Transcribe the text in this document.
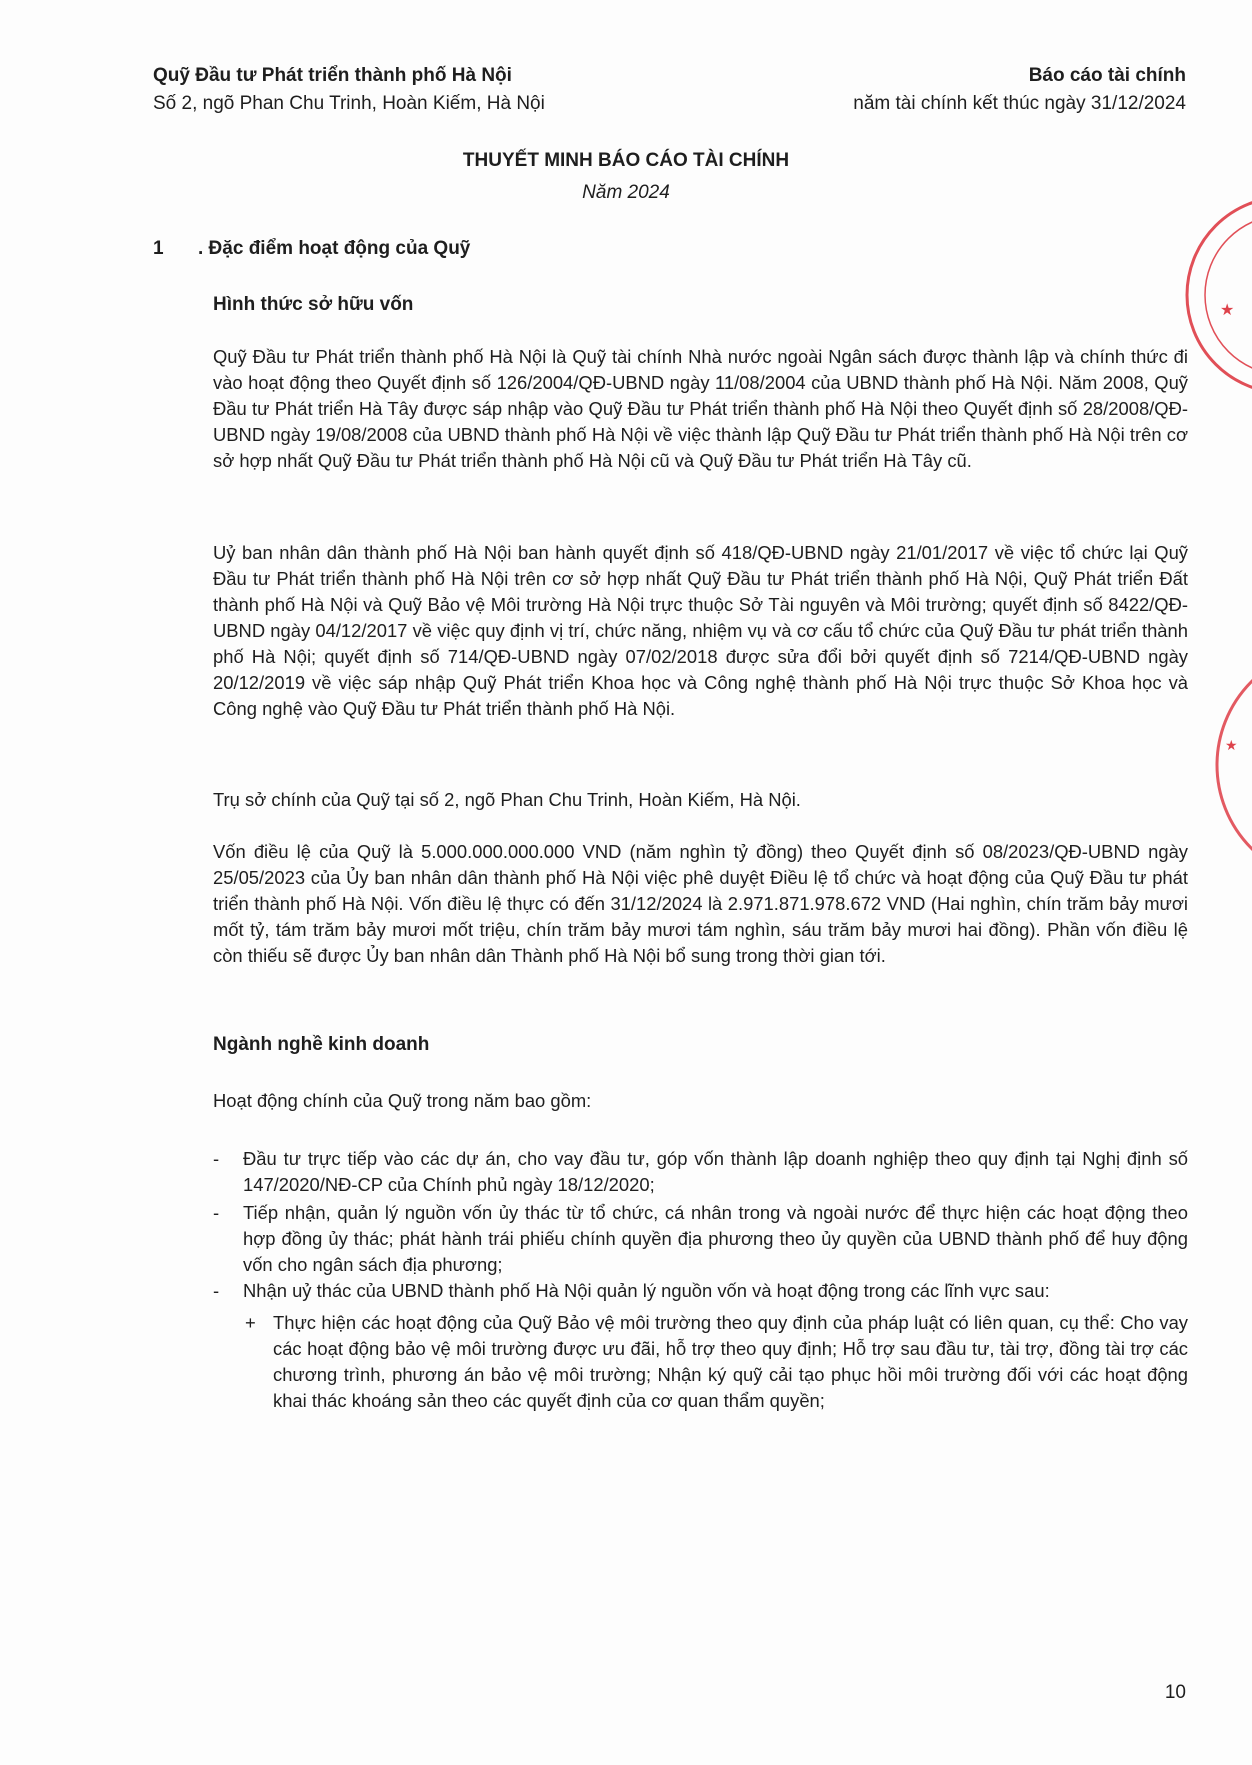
Quỹ Đầu tư Phát triển thành phố Hà Nội
Số 2, ngõ Phan Chu Trinh, Hoàn Kiếm, Hà Nội
Báo cáo tài chính
năm tài chính kết thúc ngày 31/12/2024
THUYẾT MINH BÁO CÁO TÀI CHÍNH
Năm 2024
1 . Đặc điểm hoạt động của Quỹ
Hình thức sở hữu vốn

Quỹ Đầu tư Phát triển thành phố Hà Nội là Quỹ tài chính Nhà nước ngoài Ngân sách được thành lập và chính thức đi vào hoạt động theo Quyết định số 126/2004/QĐ-UBND ngày 11/08/2004 của UBND thành phố Hà Nội. Năm 2008, Quỹ Đầu tư Phát triển Hà Tây được sáp nhập vào Quỹ Đầu tư Phát triển thành phố Hà Nội theo Quyết định số 28/2008/QĐ-UBND ngày 19/08/2008 của UBND thành phố Hà Nội về việc thành lập Quỹ Đầu tư Phát triển thành phố Hà Nội trên cơ sở hợp nhất Quỹ Đầu tư Phát triển thành phố Hà Nội cũ và Quỹ Đầu tư Phát triển Hà Tây cũ.

Uỷ ban nhân dân thành phố Hà Nội ban hành quyết định số 418/QĐ-UBND ngày 21/01/2017 về việc tổ chức lại Quỹ Đầu tư Phát triển thành phố Hà Nội trên cơ sở hợp nhất Quỹ Đầu tư Phát triển thành phố Hà Nội, Quỹ Phát triển Đất thành phố Hà Nội và Quỹ Bảo vệ Môi trường Hà Nội trực thuộc Sở Tài nguyên và Môi trường; quyết định số 8422/QĐ-UBND ngày 04/12/2017 về việc quy định vị trí, chức năng, nhiệm vụ và cơ cấu tổ chức của Quỹ Đầu tư phát triển thành phố Hà Nội; quyết định số 714/QĐ-UBND ngày 07/02/2018 được sửa đổi bởi quyết định số 7214/QĐ-UBND ngày 20/12/2019 về việc sáp nhập Quỹ Phát triển Khoa học và Công nghệ thành phố Hà Nội trực thuộc Sở Khoa học và Công nghệ vào Quỹ Đầu tư Phát triển thành phố Hà Nội.

Trụ sở chính của Quỹ tại số 2, ngõ Phan Chu Trinh, Hoàn Kiếm, Hà Nội.

Vốn điều lệ của Quỹ là 5.000.000.000.000 VND (năm nghìn tỷ đồng) theo Quyết định số 08/2023/QĐ-UBND ngày 25/05/2023 của Ủy ban nhân dân thành phố Hà Nội việc phê duyệt Điều lệ tổ chức và hoạt động của Quỹ Đầu tư phát triển thành phố Hà Nội. Vốn điều lệ thực có đến 31/12/2024 là 2.971.871.978.672 VND (Hai nghìn, chín trăm bảy mươi mốt tỷ, tám trăm bảy mươi mốt triệu, chín trăm bảy mươi tám nghìn, sáu trăm bảy mươi hai đồng). Phần vốn điều lệ còn thiếu sẽ được Ủy ban nhân dân Thành phố Hà Nội bổ sung trong thời gian tới.

Ngành nghề kinh doanh

Hoạt động chính của Quỹ trong năm bao gồm:

- Đầu tư trực tiếp vào các dự án, cho vay đầu tư, góp vốn thành lập doanh nghiệp theo quy định tại Nghị định số 147/2020/NĐ-CP của Chính phủ ngày 18/12/2020;
- Tiếp nhận, quản lý nguồn vốn ủy thác từ tổ chức, cá nhân trong và ngoài nước để thực hiện các hoạt động theo hợp đồng ủy thác; phát hành trái phiếu chính quyền địa phương theo ủy quyền của UBND thành phố để huy động vốn cho ngân sách địa phương;
- Nhận uỷ thác của UBND thành phố Hà Nội quản lý nguồn vốn và hoạt động trong các lĩnh vực sau:
+ Thực hiện các hoạt động của Quỹ Bảo vệ môi trường theo quy định của pháp luật có liên quan, cụ thể: Cho vay các hoạt động bảo vệ môi trường được ưu đãi, hỗ trợ theo quy định; Hỗ trợ sau đầu tư, tài trợ, đồng tài trợ các chương trình, phương án bảo vệ môi trường; Nhận ký quỹ cải tạo phục hồi môi trường đối với các hoạt động khai thác khoáng sản theo các quyết định của cơ quan thẩm quyền;
10
★
★
